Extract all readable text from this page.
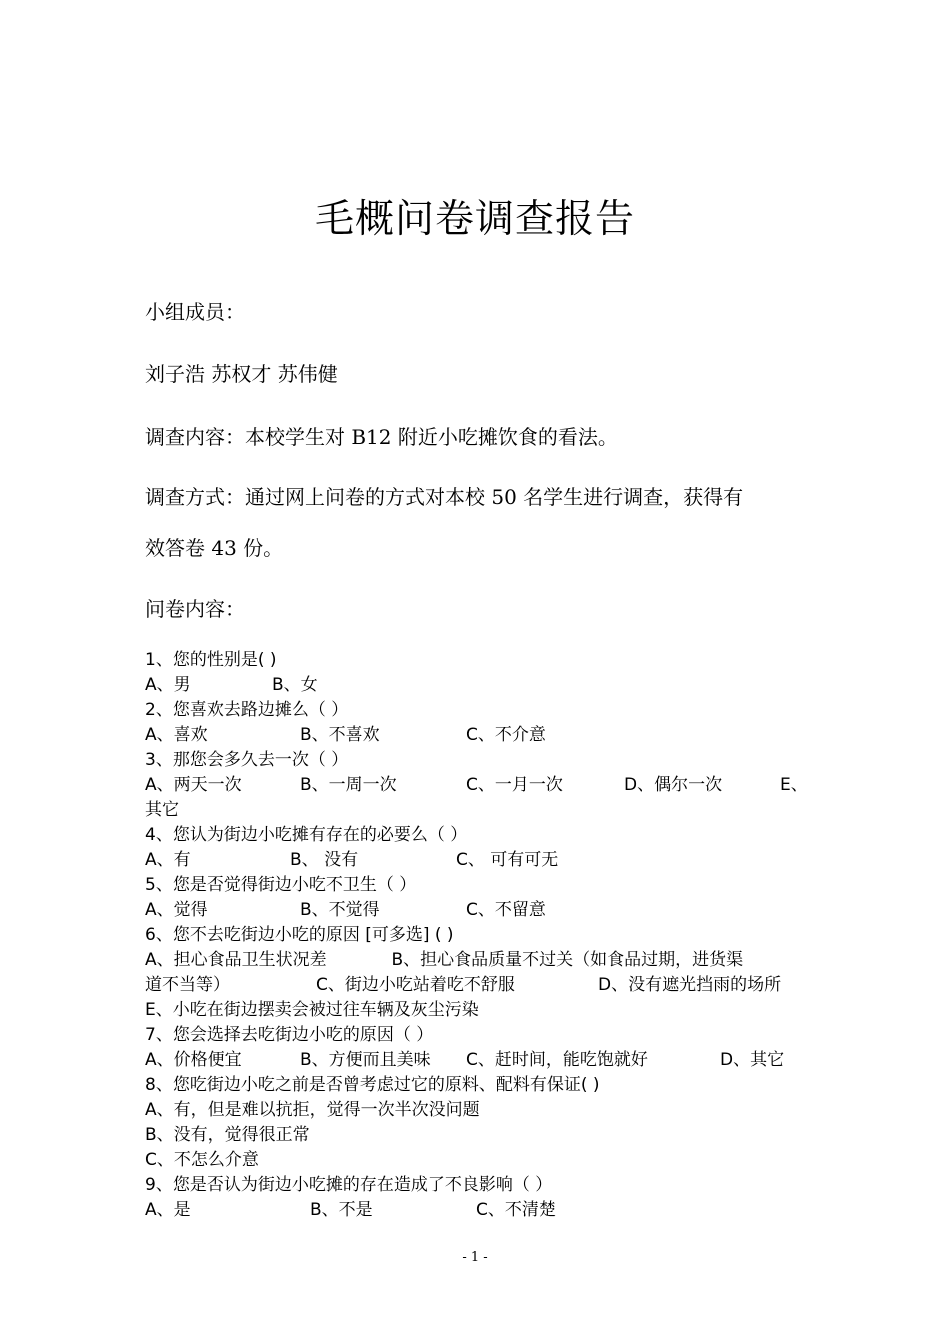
毛概问卷调查报告
小组成员：
刘子浩 苏权才 苏伟健
调查内容：本校学生对 B12 附近小吃摊饮食的看法。
调查方式：通过网上问卷的方式对本校 50 名学生进行调查，获得有
效答卷 43 份。
问卷内容：
1、您的性别是( )
A、男	B、女
2、您喜欢去路边摊么（ ）
A、喜欢	B、不喜欢	C、不介意
3、那您会多久去一次（ ）
A、两天一次	B、一周一次	C、一月一次	D、偶尔一次	E、
其它
4、您认为街边小吃摊有存在的必要么（ ）
A、有	B、 没有	C、 可有可无
5、您是否觉得街边小吃不卫生（ ）
A、觉得	B、不觉得	C、不留意
6、您不去吃街边小吃的原因 [可多选] ( )
A、担心食品卫生状况差            B、担心食品质量不过关（如食品过期，进货渠
道不当等）	C、街边小吃站着吃不舒服	D、没有遮光挡雨的场所
E、小吃在街边摆卖会被过往车辆及灰尘污染
7、您会选择去吃街边小吃的原因（ ）
A、价格便宜	B、方便而且美味 C、赶时间，能吃饱就好	D、其它
8、您吃街边小吃之前是否曾考虑过它的原料、配料有保证( )
A、有，但是难以抗拒，觉得一次半次没问题
B、没有，觉得很正常
C、不怎么介意
9、您是否认为街边小吃摊的存在造成了不良影响（ ）
A、是	B、不是	C、不清楚
- 1 -
